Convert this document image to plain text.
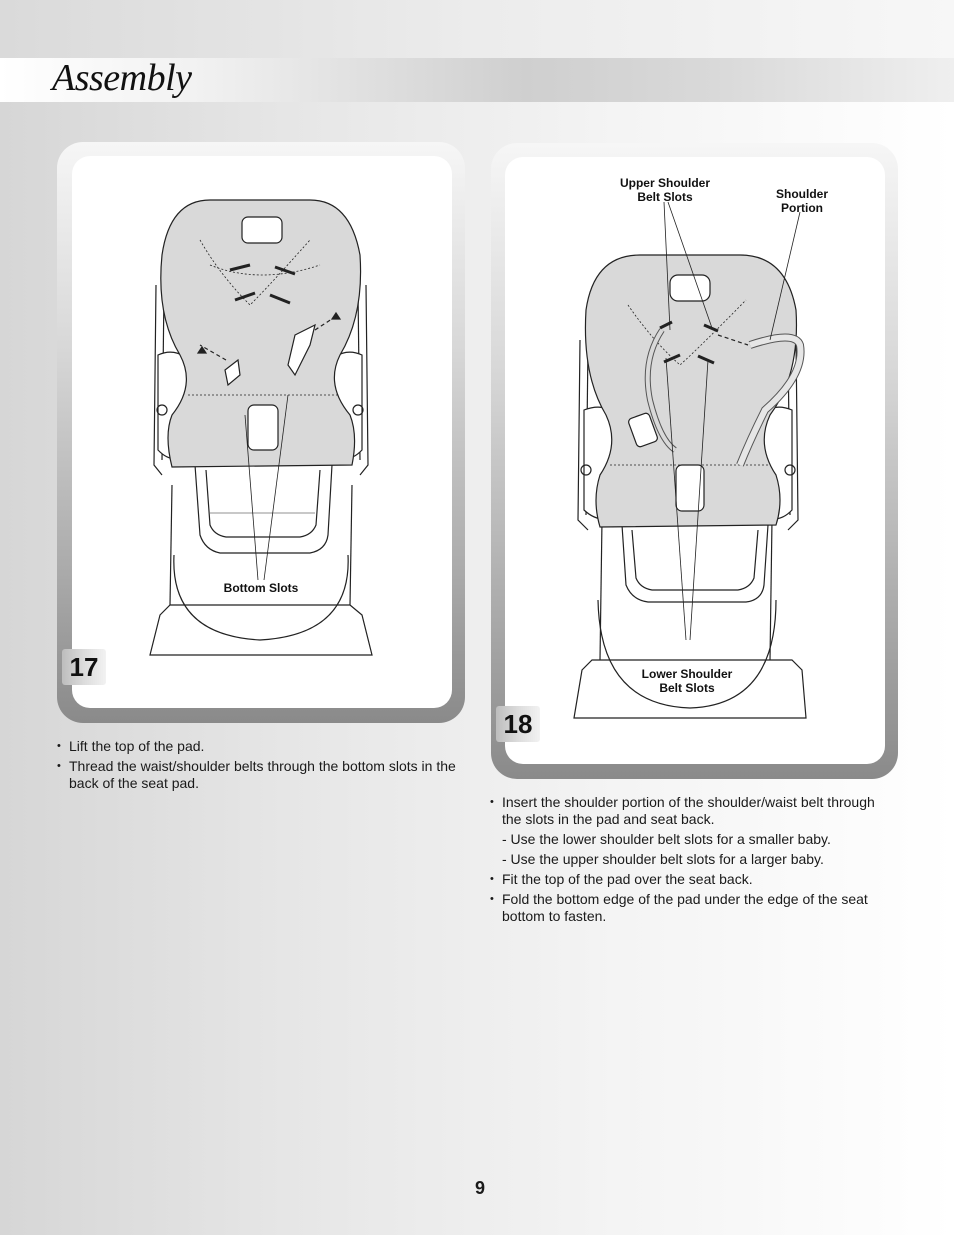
Assembly
Bottom Slots
17
Upper Shoulder
Belt Slots	Shoulder
Portion
Lower Shoulder
Belt Slots
18
• Lift the top of the pad.
• Thread the waist/shoulder belts through the bottom slots in the back of the seat pad.
• Insert the shoulder portion of the shoulder/waist belt through the slots in the pad and seat back.
- Use the lower shoulder belt slots for a smaller baby.
- Use the upper shoulder belt slots for a larger baby.
• Fit the top of the pad over the seat back.
• Fold the bottom edge of the pad under the edge of the seat bottom to fasten.
9
